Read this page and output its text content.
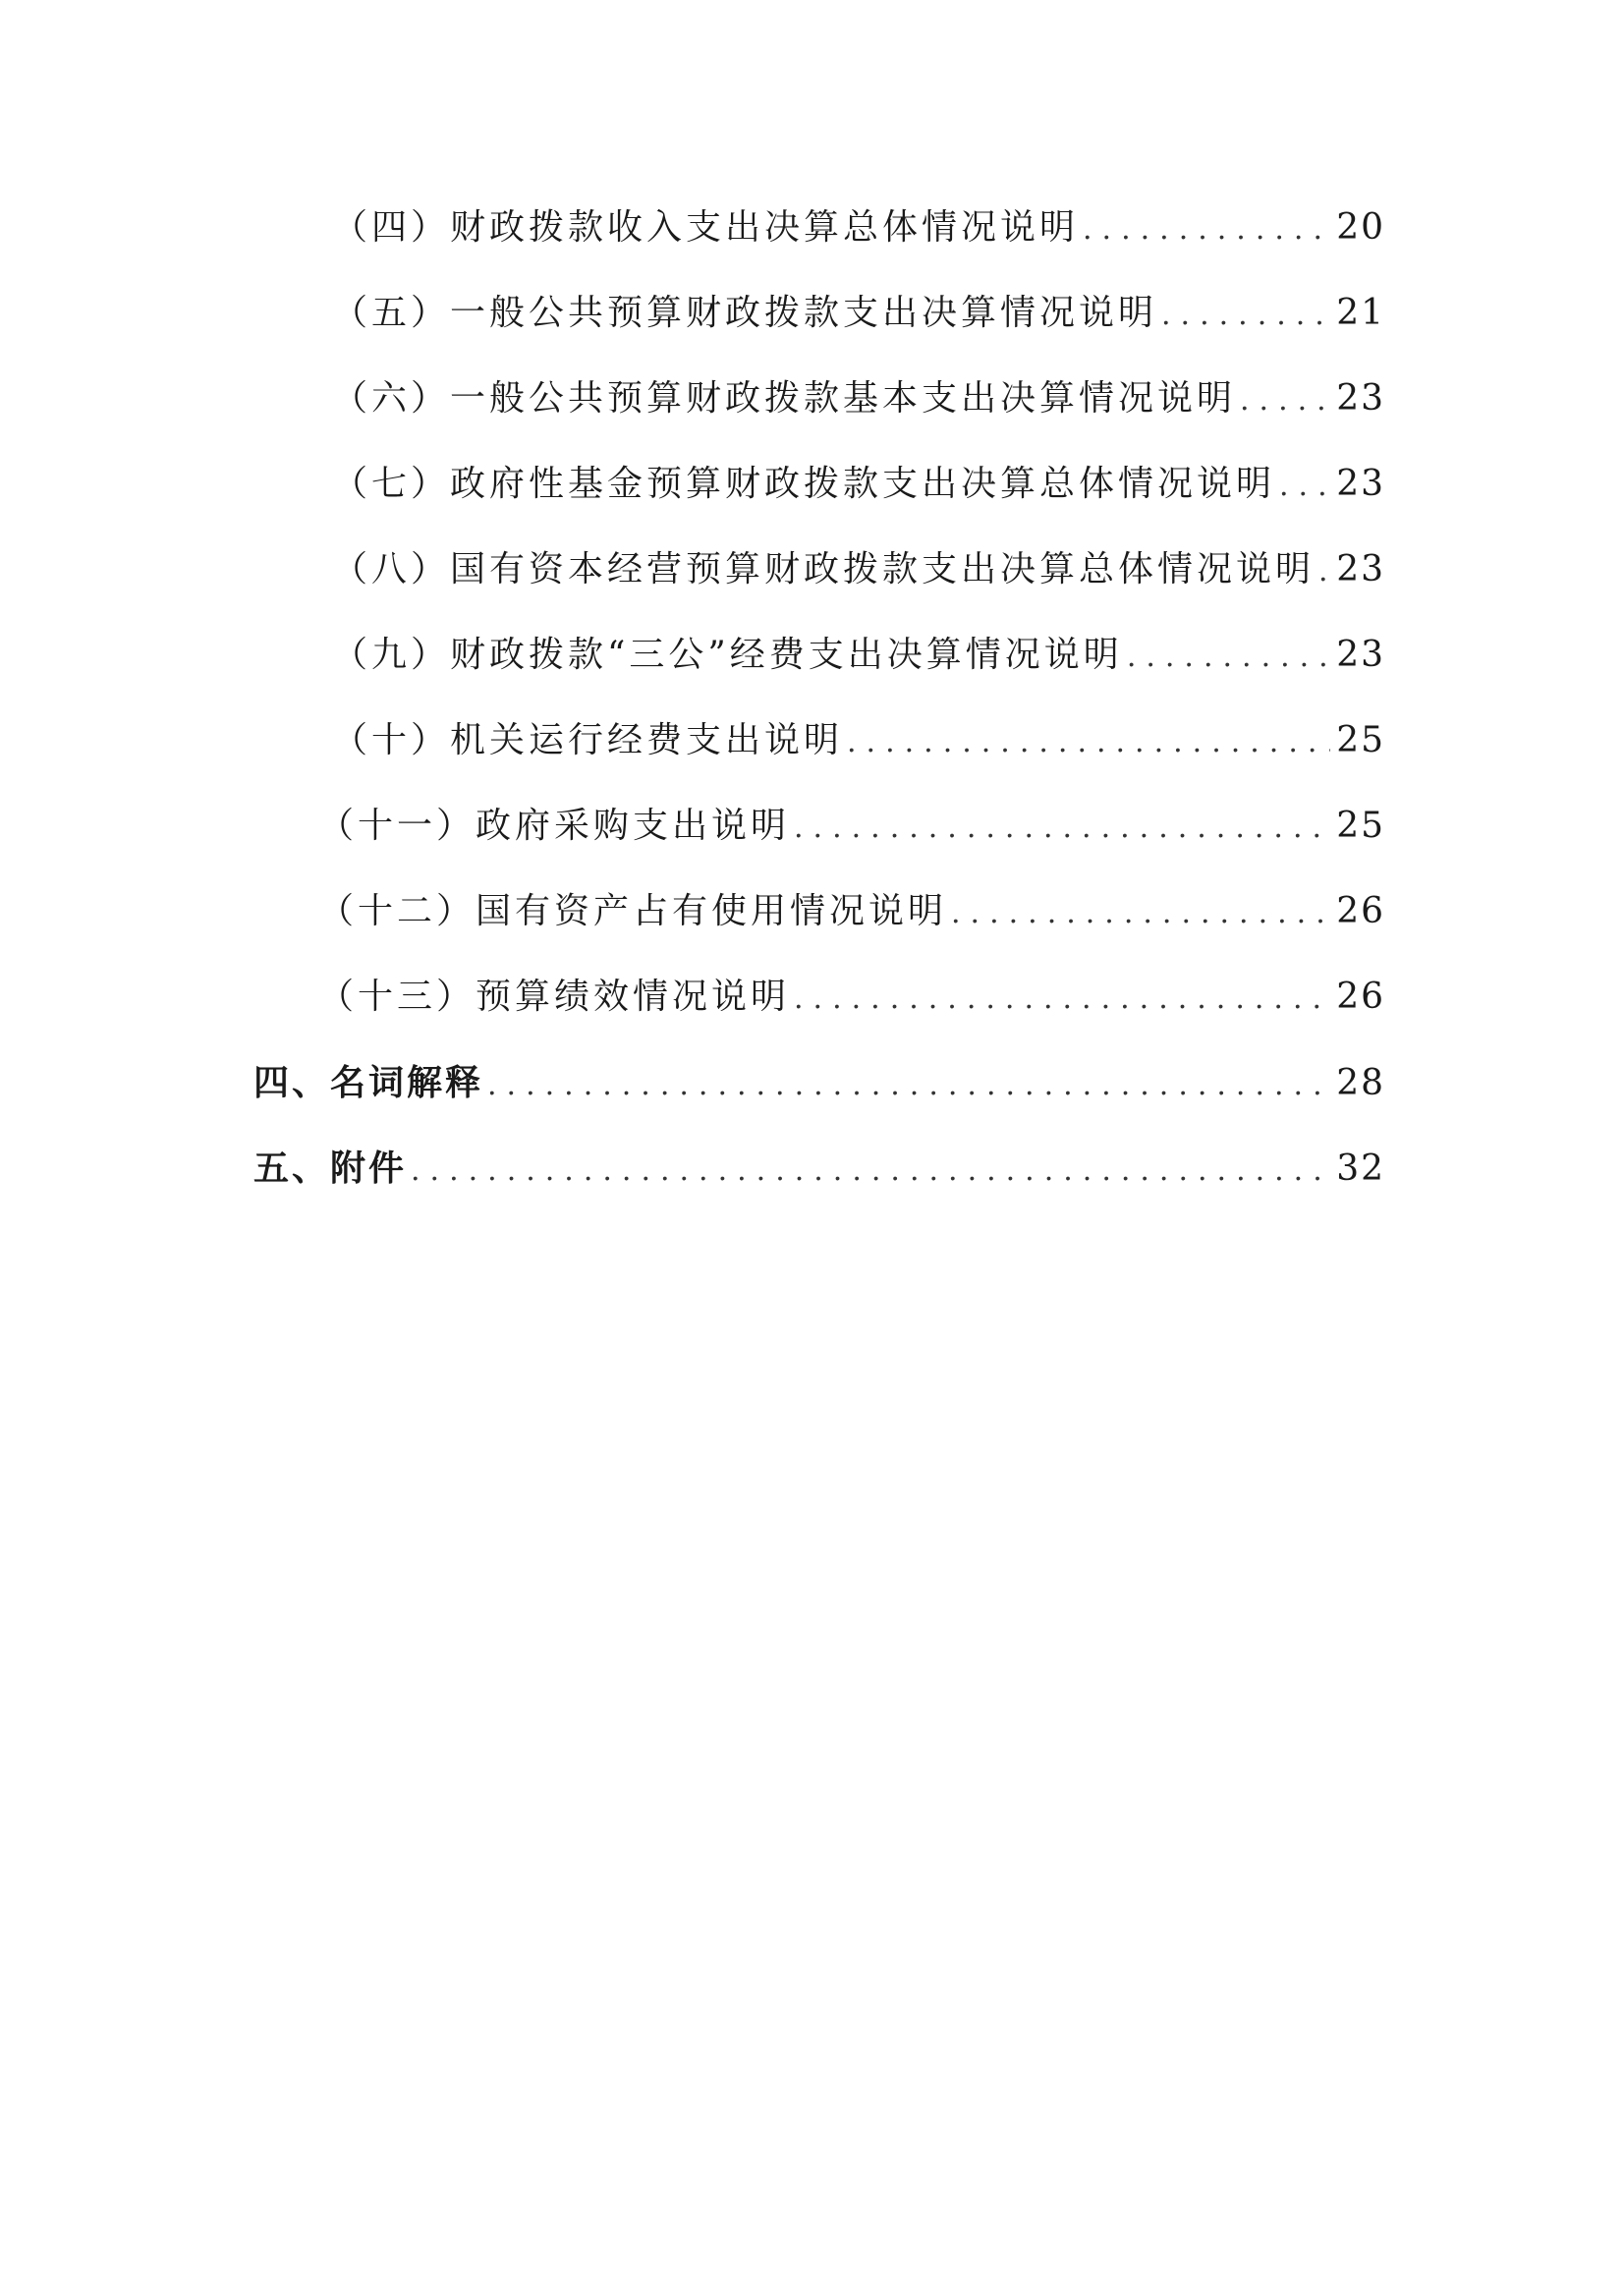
（四）财政拨款收入支出决算总体情况说明 .....	20
（五）一般公共预算财政拨款支出决算情况说明 .....	21
（六）一般公共预算财政拨款基本支出决算情况说明 .....	23
（七）政府性基金预算财政拨款支出决算总体情况说明 ..... 23
（八）国有资本经营预算财政拨款支出决算总体情况说明 ..... 23
（九）财政拨款“三公”经费支出决算情况说明 .....	23
（十）机关运行经费支出说明 .....	25
（十一）政府采购支出说明 .....	25
（十二）国有资产占有使用情况说明 .....	26
（十三）预算绩效情况说明 .....	26
四、名词解释 .....	28
五、附件 .....	32
